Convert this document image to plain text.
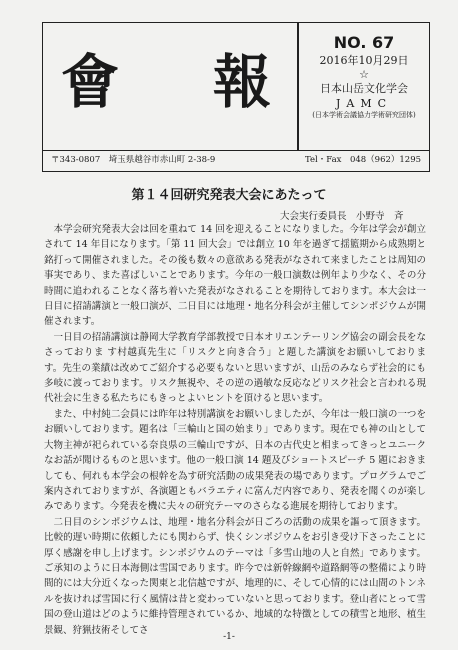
會　報
NO. 67
2016年10月29日
☆
日本山岳文化学会
JAMC
(日本学術会議協力学術研究団体)
〒343-0807　埼玉県越谷市赤山町 2-38-9	Tel・Fax　048（962）1295
第１４回研究発表大会にあたって
大会実行委員長　小野寺　斉

本学会研究発表大会は回を重ねて 14 回を迎えることになりました。今年は学会が創立されて 14 年目になります。「第 11 回大会」では創立 10 年を過ぎて揺籃期から成熟期と銘打って開催されました。その後も数々の意欲ある発表がなされて来ましたことは周知の事実であり、また喜ばしいことであります。今年の一般口演数は例年より少なく、その分時間に追われることなく落ち着いた発表がなされることを期待しております。本大会は一日目に招請講演と一般口演が、二日目には地理・地名分科会が主催してシンポジウムが開催されます。

一日目の招請講演は静岡大学教育学部教授で日本オリエンテーリング協会の副会長をなさっておりま す村越真先生に「リスクと向き合う」と題した講演をお願いしております。先生の業績は改めてご紹介する必要もないと思いますが、山岳のみならず社会的にも多岐に渡っております。リスク無視や、その逆の過敏な反応などリスク社会と言われる現代社会に生きる私たちにもきっとよいヒントを頂けると思います。

また、中村純二会員には昨年は特別講演をお願いしましたが、今年は一般口演の一つをお願いしております。題名は「三輪山と国の始まり」であります。現在でも神の山として大物主神が祀られている奈良県の三輪山ですが、日本の古代史と相まってきっとユニークなお話が聞けるものと思います。他の一般口演 14 題及びショートスピーチ 5 題におきましても、何れも本学会の根幹を為す研究活動の成果発表の場であります。プログラムでご案内されておりますが、各演題ともバラエティに富んだ内容であり、発表を聞くのが楽しみであります。今発表を機に夫々の研究テーマのさらなる進展を期待しております。

二日目のシンポジウムは、地理・地名分科会が日ごろの活動の成果を謳って頂きます。比較的遅い時期に依頼したにも関わらず、快くシンポジウムをお引き受け下さったことに厚く感謝を申し上げます。シンポジウムのテーマは「多雪山地の人と自然」であります。ご承知のように日本海側は雪国であります。昨今では新幹線網や道路網等の整備により時間的には大分近くなった関東と北信越ですが、地理的に、そして心情的には山間のトンネルを抜ければ雪国に行く風情は昔と変わっていないと思っております。登山者にとって雪国の登山道はどのように維持管理されているか、地域的な特徴としての積雪と地形、植生景観、狩猟技術そしてさ

-1-
